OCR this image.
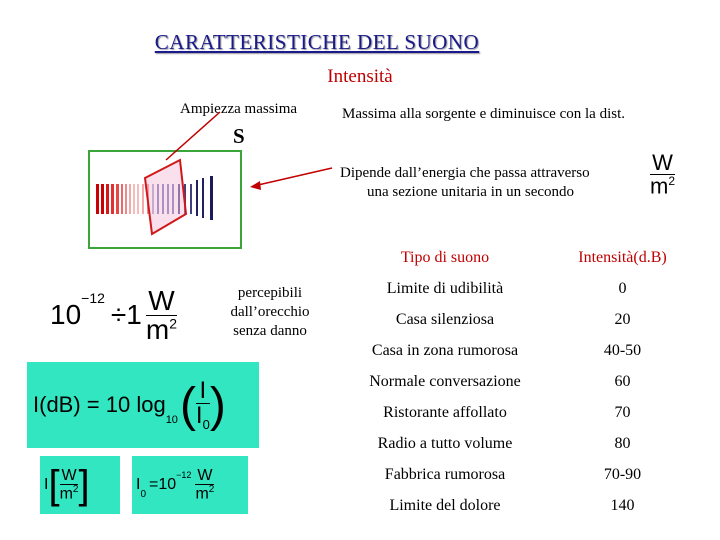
CARATTERISTICHE DEL SUONO
Intensità
Ampiezza massima	Massima alla sorgente e diminuisce con la dist.
S
Dipende dall’energia che passa attraverso
una sezione unitaria in un secondo	$\frac{W}{m^2}$
10
$^{-12}$
$\div 1 \frac{W}{m^2}$	percepibili
dall’orecchio
senza danno
I(dB) = 10 log
$_{10}$ ( $\frac{I}{I_0}$ )
I [ $\frac{W}{m^2}$ ]	I
$_0$
=10
$^{-12} \frac{W}{m^2}$
Tipo di suono	Intensità(d.B)
Limite di udibilità	0
Casa silenziosa	20
Casa in zona rumorosa	40-50
Normale conversazione	60
Ristorante affollato	70
Radio a tutto volume	80
Fabbrica rumorosa	70-90
Limite del dolore	140
